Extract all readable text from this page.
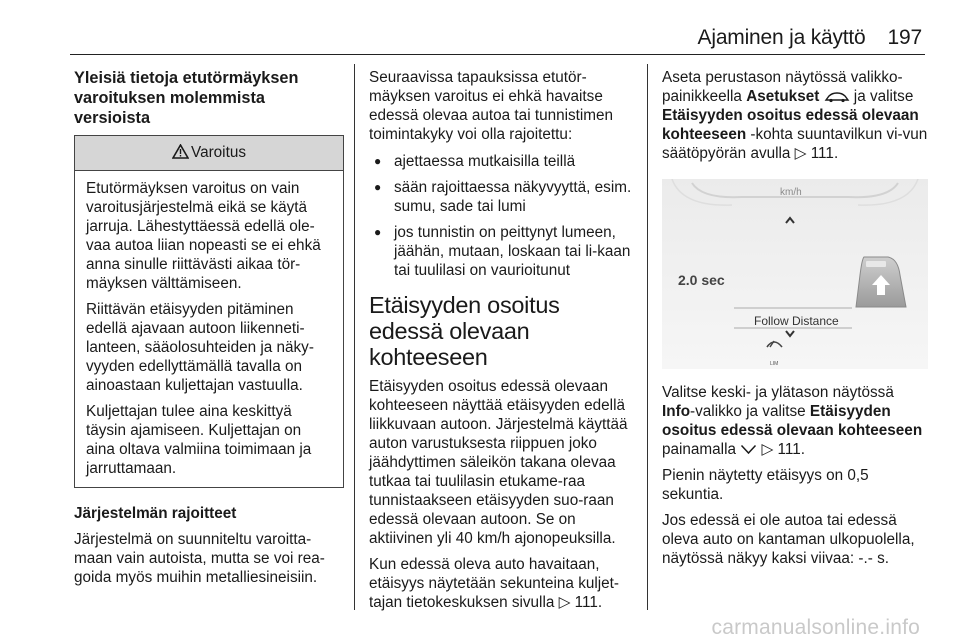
Ajaminen ja käyttö 197

Yleisiä tietoja etutörmäyksen varoituksen molemmista versioista

Varoitus

Etutörmäyksen varoitus on vain varoitusjärjestelmä eikä se käytä jarruja. Lähestyttäessä edellä ole-vaa autoa liian nopeasti se ei ehkä anna sinulle riittävästi aikaa tör-mäyksen välttämiseen.

Riittävän etäisyyden pitäminen edellä ajavaan autoon liikenneti-lanteen, sääolosuhteiden ja näky-vyyden edellyttämällä tavalla on ainoastaan kuljettajan vastuulla.

Kuljettajan tulee aina keskittyä täysin ajamiseen. Kuljettajan on aina oltava valmiina toimimaan ja jarruttamaan.

Järjestelmän rajoitteet

Järjestelmä on suunniteltu varoitta-maan vain autoista, mutta se voi rea-goida myös muihin metalliesineisiin.

Seuraavissa tapauksissa etutör-mäyksen varoitus ei ehkä havaitse edessä olevaa autoa tai tunnistimen toimintakyky voi olla rajoitettu:

● ajettaessa mutkaisilla teillä
● sään rajoittaessa näkyvyyttä, esim. sumu, sade tai lumi
● jos tunnistin on peittynyt lumeen, jäähän, mutaan, loskaan tai li-kaan tai tuulilasi on vaurioitunut

Etäisyyden osoitus edessä olevaan kohteeseen

Etäisyyden osoitus edessä olevaan kohteeseen näyttää etäisyyden edellä liikkuvaan autoon. Järjestelmä käyttää auton varustuksesta riippuen joko jäähdyttimen säleikön takana olevaa tutkaa tai tuulilasin etukame-raa tunnistaakseen etäisyyden suo-raan edessä olevaan autoon. Se on aktiivinen yli 40 km/h ajonopeuksilla.

Kun edessä oleva auto havaitaan, etäisyys näytetään sekunteina kuljet-tajan tietokeskuksen sivulla ▷ 111.

Aseta perustason näytössä valikko-painikkeella Asetukset  ja valitse Etäisyyden osoitus edessä olevaan kohteeseen -kohta suuntavilkun vi-vun säätöpyörän avulla ▷ 111.

km/h
2.0 sec
Follow Distance
LIM

Valitse keski- ja ylätason näytössä Info-valikko ja valitse Etäisyyden osoitus edessä olevaan kohteeseen painamalla  ▷ 111.

Pienin näytetty etäisyys on 0,5 sekuntia.

Jos edessä ei ole autoa tai edessä oleva auto on kantaman ulkopuolella, näytössä näkyy kaksi viivaa: -.- s.

carmanualsonline.info
